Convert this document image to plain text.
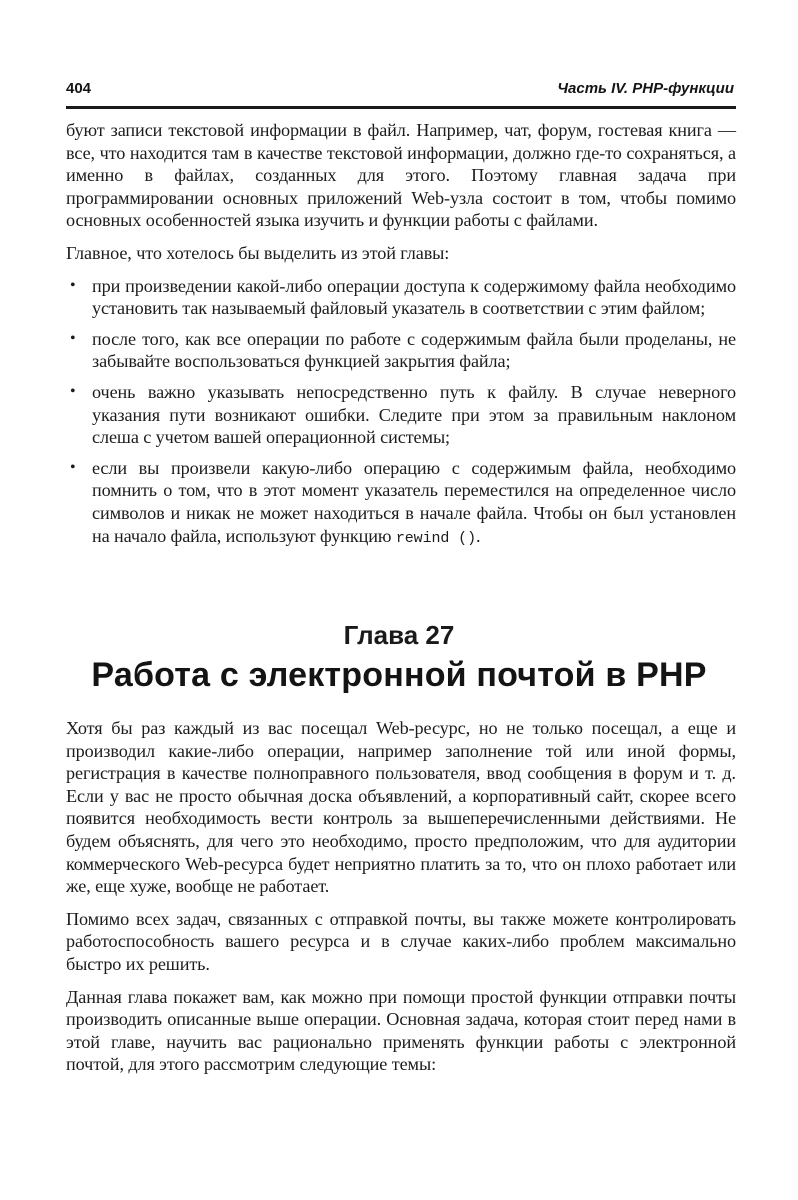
404	Часть IV. PHP-функции

буют записи текстовой информации в файл. Например, чат, форум, гостевая книга — все, что находится там в качестве текстовой информации, должно где-то сохраняться, а именно в файлах, созданных для этого. Поэтому главная задача при программировании основных приложений Web-узла состоит в том, чтобы помимо основных особенностей языка изучить и функции работы с файлами.

Главное, что хотелось бы выделить из этой главы:

• при произведении какой-либо операции доступа к содержимому файла необходимо установить так называемый файловый указатель в соответствии с этим файлом;
• после того, как все операции по работе с содержимым файла были проделаны, не забывайте воспользоваться функцией закрытия файла;
• очень важно указывать непосредственно путь к файлу. В случае неверного указания пути возникают ошибки. Следите при этом за правильным наклоном слеша с учетом вашей операционной системы;
• если вы произвели какую-либо операцию с содержимым файла, необходимо помнить о том, что в этот момент указатель переместился на определенное число символов и никак не может находиться в начале файла. Чтобы он был установлен на начало файла, используют функцию rewind ().
Глава 27
Работа с электронной почтой в PHP

Хотя бы раз каждый из вас посещал Web-ресурс, но не только посещал, а еще и производил какие-либо операции, например заполнение той или иной формы, регистрация в качестве полноправного пользователя, ввод сообщения в форум и т. д. Если у вас не просто обычная доска объявлений, а корпоративный сайт, скорее всего появится необходимость вести контроль за вышеперечисленными действиями. Не будем объяснять, для чего это необходимо, просто предположим, что для аудитории коммерческого Web-ресурса будет неприятно платить за то, что он плохо работает или же, еще хуже, вообще не работает.

Помимо всех задач, связанных с отправкой почты, вы также можете контролировать работоспособность вашего ресурса и в случае каких-либо проблем максимально быстро их решить.

Данная глава покажет вам, как можно при помощи простой функции отправки почты производить описанные выше операции. Основная задача, которая стоит перед нами в этой главе, научить вас рационально применять функции работы с электронной почтой, для этого рассмотрим следующие темы:
